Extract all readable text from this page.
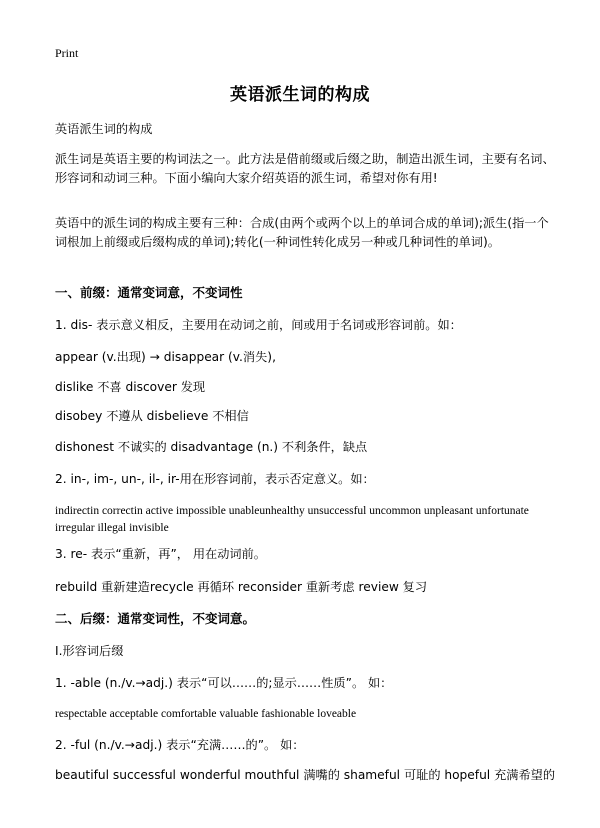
Print
英语派生词的构成
英语派生词的构成
派生词是英语主要的构词法之一。此方法是借前缀或后缀之助，制造出派生词，主要有名词、形容词和动词三种。下面小编向大家介绍英语的派生词，希望对你有用!
英语中的派生词的构成主要有三种：合成(由两个或两个以上的单词合成的单词);派生(指一个词根加上前缀或后缀构成的单词);转化(一种词性转化成另一种或几种词性的单词)。
一、前缀：通常变词意，不变词性
1. dis- 表示意义相反，主要用在动词之前，间或用于名词或形容词前。如：
appear (v.出现) → disappear (v.消失),
dislike 不喜 discover 发现
disobey 不遵从 disbelieve 不相信
dishonest 不诚实的 disadvantage (n.) 不利条件，缺点
2. in-, im-, un-, il-, ir-用在形容词前，表示否定意义。如：
indirectin correctin active impossible unableunhealthy unsuccessful uncommon unpleasant unfortunate irregular illegal invisible
3. re- 表示“重新，再”， 用在动词前。
rebuild 重新建造recycle 再循环 reconsider 重新考虑 review 复习
二、后缀：通常变词性，不变词意。
I.形容词后缀
1. -able (n./v.→adj.) 表示“可以……的;显示……性质”。 如：
respectable acceptable comfortable valuable fashionable loveable
2. -ful (n./v.→adj.) 表示“充满……的”。 如：
beautiful successful wonderful mouthful 满嘴的 shameful 可耻的 hopeful 充满希望的
